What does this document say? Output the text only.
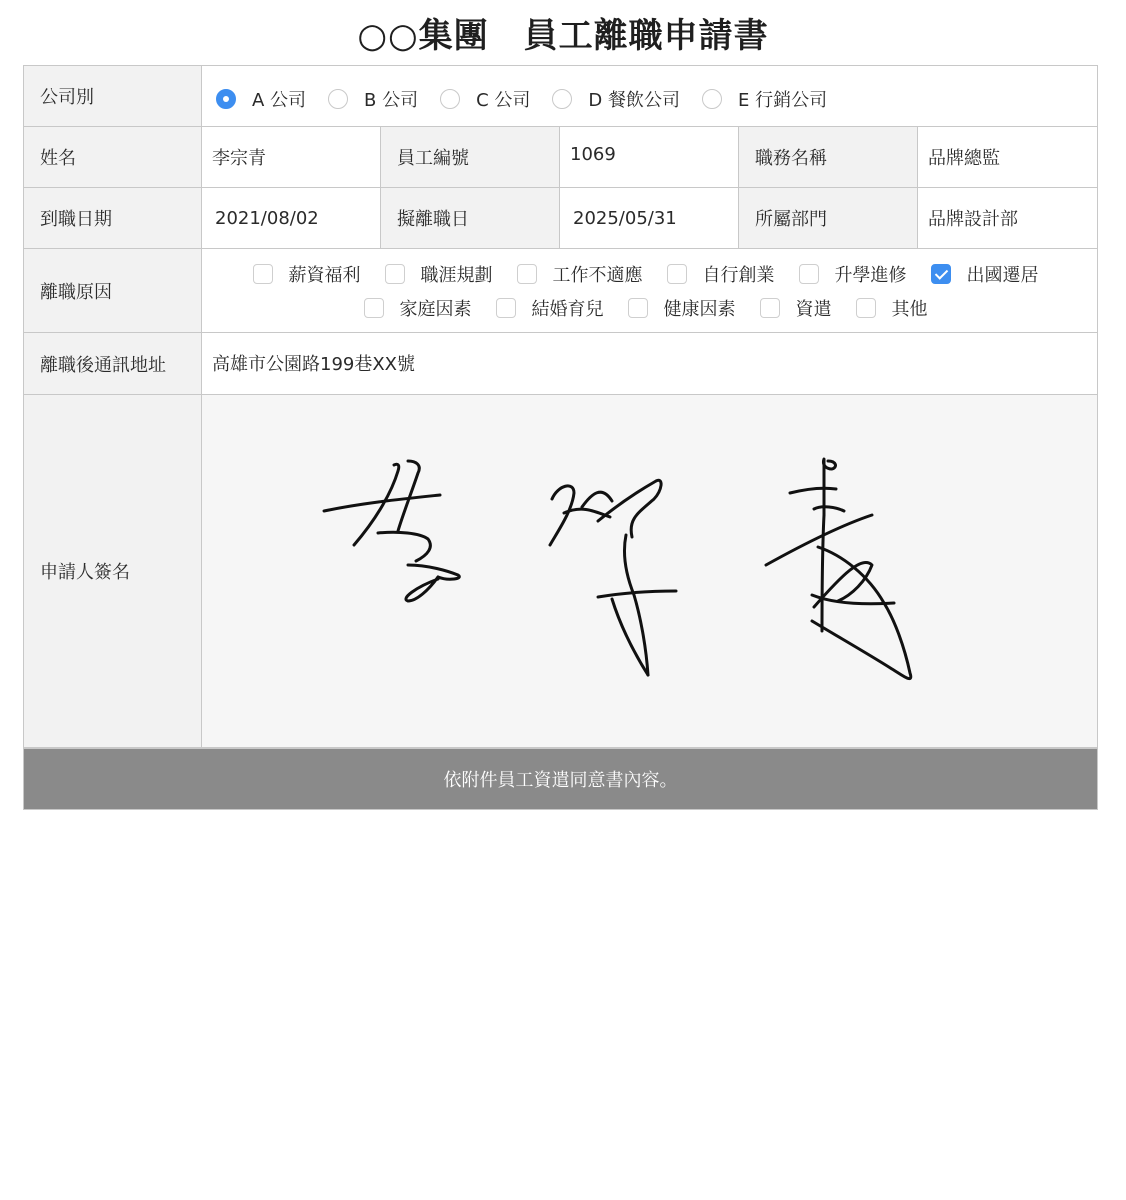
○○集團　員工離職申請書
公司別	A 公司	B 公司	C 公司	D 餐飲公司	E 行銷公司
姓名	李宗青	員工編號	1069	職務名稱	品牌總監
到職日期	2021/08/02	擬離職日	2025/05/31	所屬部門	品牌設計部
離職原因
薪資福利	職涯規劃	工作不適應	自行創業	升學進修	出國遷居
家庭因素	結婚育兒	健康因素	資遣	其他
離職後通訊地址	高雄市公園路199巷XX號
申請人簽名
依附件員工資遣同意書內容。
